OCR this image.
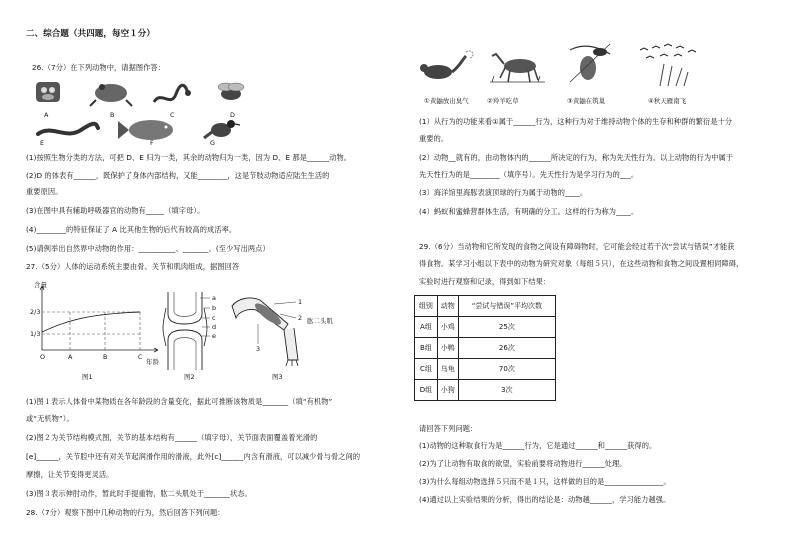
二、综合题（共四题，每空１分）
26.（7分）在下列动物中，请据图作答：
A	B	C	D
E	F	G
(1)按照生物分类的方法，可把 D、E 归为一类，其余的动物归为一类，因为 D、E 都是______动物。
(2)D 的体表有______，既保护了身体内部结构，又能________，这是节肢动物适应陆生生活的
重要原因。
(3)在图中具有辅助呼吸器官的动物有_____（填字母）。
(4)________的特征保证了 A 比其他生物的后代有较高的成活率。
(5)请例举出自然界中动物的作用：__________、_______。(至少写出两点）
27.（5分）人体的运动系统主要由骨、关节和肌肉组成，据图回答
含量
2/3
1/3
O	A	B	C
年龄
图1
a
b
c
d
e
图2
1
2 肱二头肌
3
图3
(1)图１表示人体骨中某物质在各年龄段的含量变化，据此可推断该物质是_______（填“有机物”
或“无机物”）。
(2)图２为关节结构模式图，关节的基本结构有______（填字母），关节面表面覆盖着光滑的
[e]______，关节腔中还有对关节起润滑作用的滑液，此外[c]______内含有滑液，可以减少骨与骨之间的
摩擦，让关节变得更灵活。
(3)图３表示伸肘动作，暂此时手提重物，肱二头肌处于_______状态。
28.（7分）观察下图中几种动物的行为，然后回答下列问题：
①黄鼬放出臭气	②羚羊吃草	③黄鼬在筑巢	④秋天雁南飞
(1）从行为的功能来看①属于______行为，这种行为对于维持动物个体的生存和种群的繁衍是十分
重要的。
(2）动物__就有的，由动物体内的______所决定的行为，称为先天性行为。以上动物的行为中属于
先天性行为的是________（填序号）。先天性行为是学习行为的___。
(3）海洋馆里海豚表演顶球的行为属于动物的____。
(4）蚂蚁和蜜蜂营群体生活，有明确的分工。这样的行为称为____。
29.（6分）当动物和它所发现的食物之间设有障碍物时，它可能会经过若干次“尝试与错误”才能获
得食物。某学习小组以下表中的动物为研究对象（每组５只），在这些动物和食物之间设置相同障碍，
实验时进行观察和记录，得到如下结果：
组别	动物	“尝试与错误”平均次数
A组	小鸡	25次
B组	小鸭	26次
C组	乌龟	70次
D组	小狗	3次
请回答下列问题：
(1)动物的这种取食行为是______行为，它是通过______和______获得的。
(2)为了让动物有取食的欲望，实验前要将动物进行______处理。
(3)为什么每组动物选择５只而不是１只，这样做的目的是________________。
(4)通过以上实验结果的分析，得出的结论是：动物越______，学习能力越强。
